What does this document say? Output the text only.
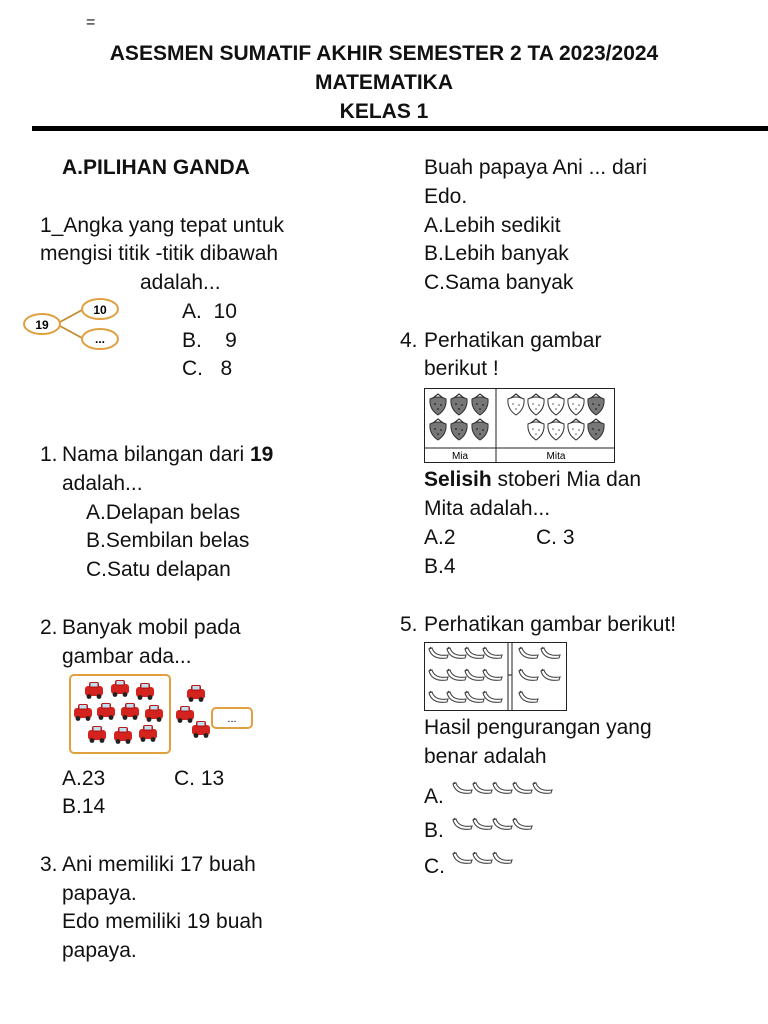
=
ASESMEN SUMATIF AKHIR SEMESTER 2 TA 2023/2024
MATEMATIKA
KELAS 1
A.PILIHAN GANDA
1_Angka yang tepat untuk
mengisi titik -titik dibawah
adalah...
19
10
...
A.  10
B.    9
C.   8
1. Nama bilangan dari 19
adalah...
A.Delapan belas
B.Sembilan belas
C.Satu delapan
2. Banyak mobil pada
gambar ada...
...
A.23	C. 13
B.14
3. Ani memiliki 17 buah
papaya.
Edo memiliki 19 buah
papaya.
Buah papaya Ani ... dari
Edo.
A.Lebih sedikit
B.Lebih banyak
C.Sama banyak
4. Perhatikan gambar
berikut !
Mia	Mita
Selisih stoberi Mia dan
Mita adalah...
A.2	C. 3
B.4
5. Perhatikan gambar berikut!
-
Hasil pengurangan yang
benar adalah
A.
B.
C.
